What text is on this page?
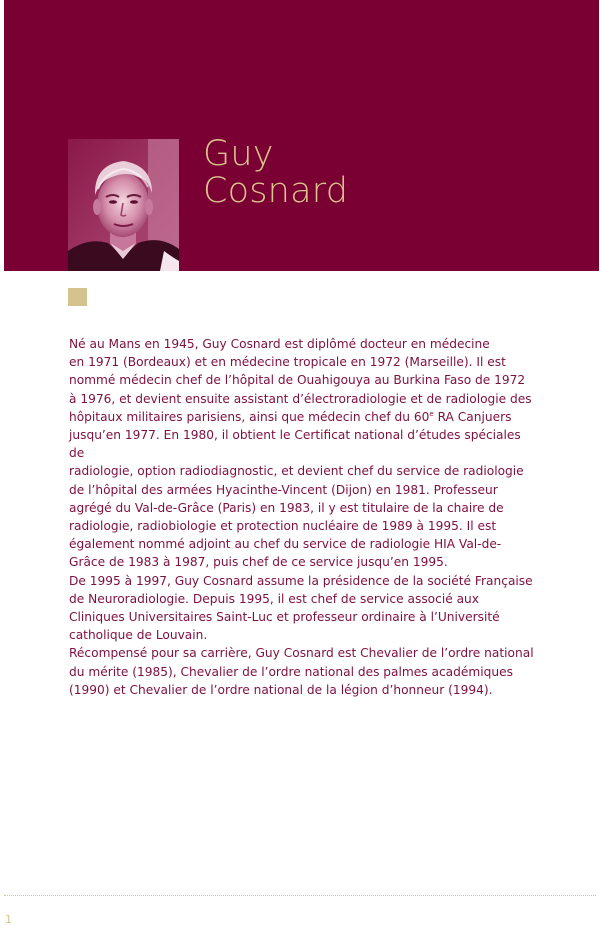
Guy
Cosnard

Né au Mans en 1945, Guy Cosnard est diplômé docteur en médecine
en 1971 (Bordeaux) et en médecine tropicale en 1972 (Marseille). Il est
nommé médecin chef de l’hôpital de Ouahigouya au Burkina Faso de 1972
à 1976, et devient ensuite assistant d’électroradiologie et de radiologie des
hôpitaux militaires parisiens, ainsi que médecin chef du 60e RA Canjuers
jusqu’en 1977. En 1980, il obtient le Certificat national d’études spéciales de
radiologie, option radiodiagnostic, et devient chef du service de radiologie
de l’hôpital des armées Hyacinthe-Vincent (Dijon) en 1981. Professeur
agrégé du Val-de-Grâce (Paris) en 1983, il y est titulaire de la chaire de
radiologie, radiobiologie et protection nucléaire de 1989 à 1995. Il est
également nommé adjoint au chef du service de radiologie HIA Val-de-
Grâce de 1983 à 1987, puis chef de ce service jusqu’en 1995.

De 1995 à 1997, Guy Cosnard assume la présidence de la société Française
de Neuroradiologie. Depuis 1995, il est chef de service associé aux
Cliniques Universitaires Saint-Luc et professeur ordinaire à l’Université
catholique de Louvain.

Récompensé pour sa carrière, Guy Cosnard est Chevalier de l’ordre national
du mérite (1985), Chevalier de l’ordre national des palmes académiques
(1990) et Chevalier de l’ordre national de la légion d’honneur (1994).

1
